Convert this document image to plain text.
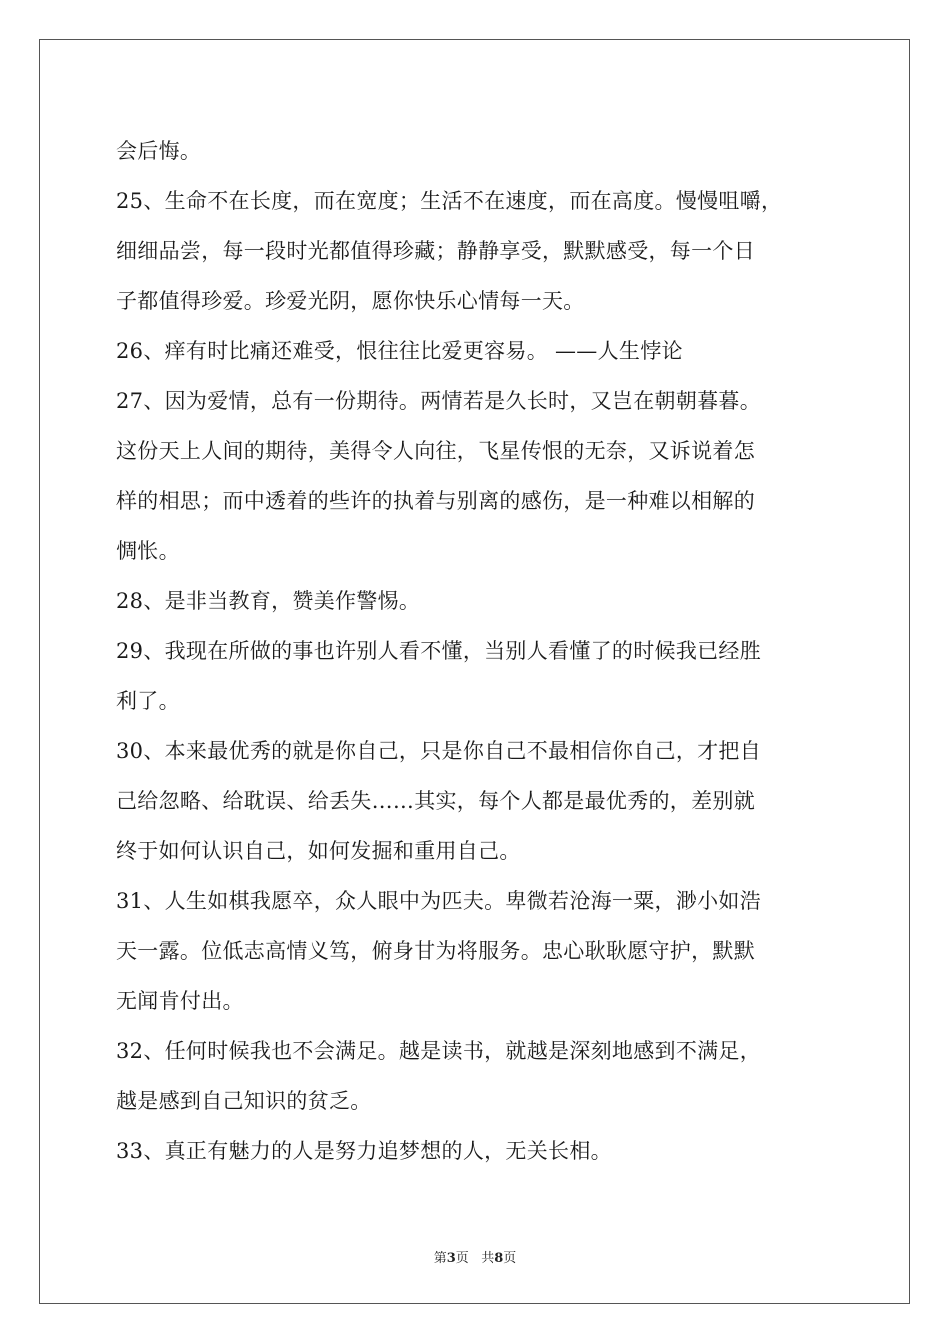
会后悔。
25、生命不在长度，而在宽度；生活不在速度，而在高度。慢慢咀嚼，
细细品尝，每一段时光都值得珍藏；静静享受，默默感受，每一个日
子都值得珍爱。珍爱光阴，愿你快乐心情每一天。
26、痒有时比痛还难受，恨往往比爱更容易。 ——人生悖论
27、因为爱情，总有一份期待。两情若是久长时，又岂在朝朝暮暮。
这份天上人间的期待，美得令人向往，飞星传恨的无奈，又诉说着怎
样的相思；而中透着的些许的执着与别离的感伤，是一种难以相解的
惆怅。
28、是非当教育，赞美作警惕。
29、我现在所做的事也许别人看不懂，当别人看懂了的时候我已经胜
利了。
30、本来最优秀的就是你自己，只是你自己不最相信你自己，才把自
己给忽略、给耽误、给丢失……其实，每个人都是最优秀的，差别就
终于如何认识自己，如何发掘和重用自己。
31、人生如棋我愿卒，众人眼中为匹夫。卑微若沧海一粟，渺小如浩
天一露。位低志高情义笃，俯身甘为将服务。忠心耿耿愿守护，默默
无闻肯付出。
32、任何时候我也不会满足。越是读书，就越是深刻地感到不满足，
越是感到自己知识的贫乏。
33、真正有魅力的人是努力追梦想的人，无关长相。
第3页 共8页
